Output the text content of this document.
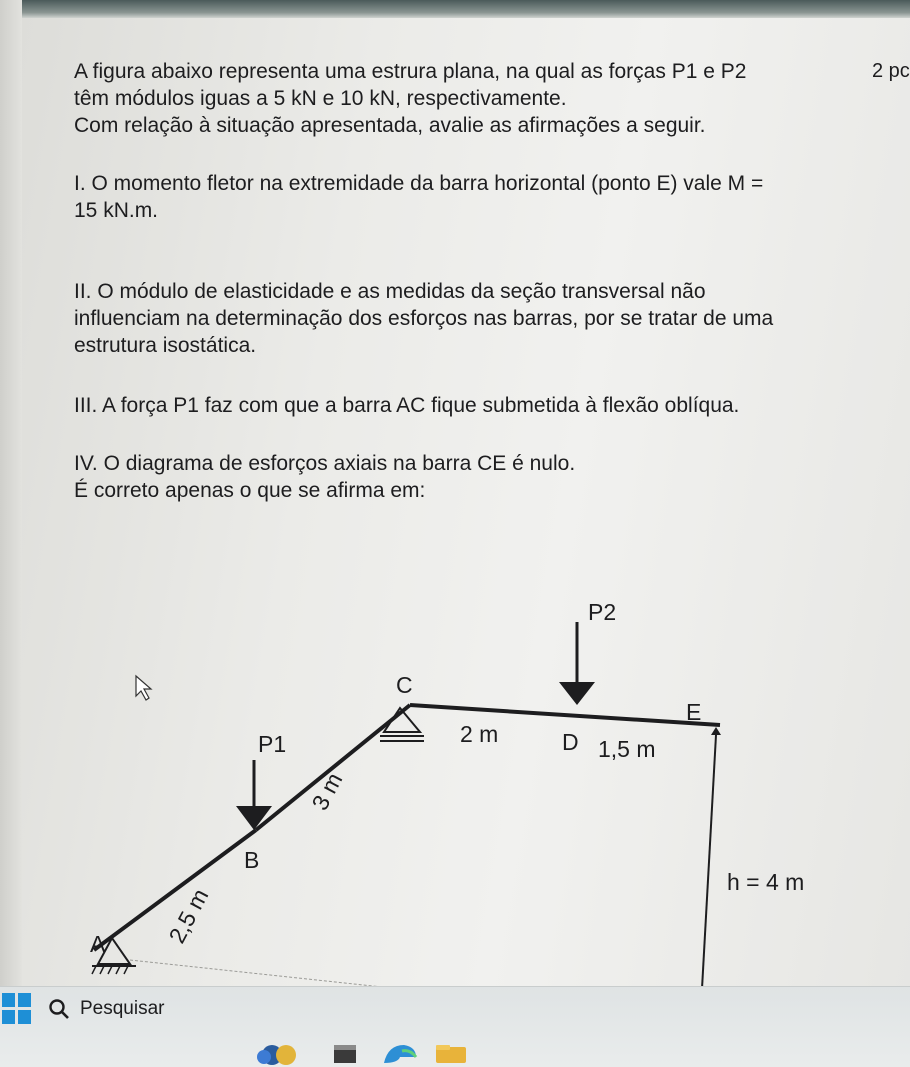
A figura abaixo representa uma estrura plana, na qual as forças P1 e P2

têm módulos iguas a 5 kN e 10 kN, respectivamente.

Com relação à situação apresentada, avalie as afirmações a seguir.

I. O momento fletor na extremidade da barra horizontal (ponto E) vale M =

15 kN.m.

II. O módulo de elasticidade e as medidas da seção transversal não

influenciam na determinação dos esforços nas barras, por se tratar de uma

estrutura isostática.

III. A força P1 faz com que a barra AC fique submetida à flexão oblíqua.

IV. O diagrama de esforços axiais na barra CE é nulo.

É correto apenas o que se afirma em:

2 pc
P2
C
E
2 m	D 1,5 m
P1
3 m
B
h = 4 m
2,5 m
A
Pesquisar
